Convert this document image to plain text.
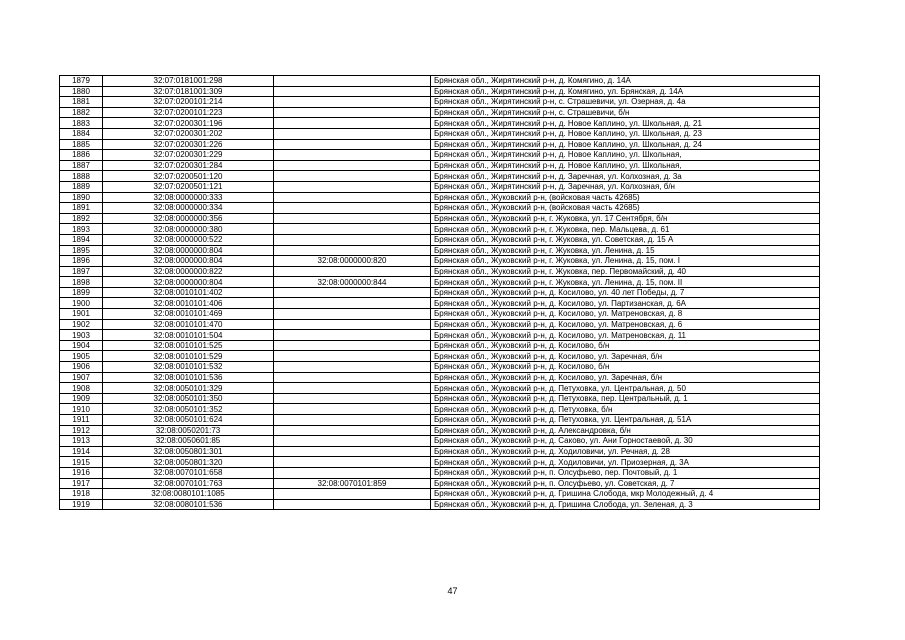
1879	32:07:0181001:298		Брянская обл., Жирятинский р-н, д. Комягино, д. 14А
1880	32:07:0181001:309		Брянская обл., Жирятинский р-н, д. Комягино, ул. Брянская, д. 14А
1881	32:07:0200101:214		Брянская обл., Жирятинский р-н, с. Страшевичи, ул. Озерная, д. 4а
1882	32:07:0200101:223		Брянская обл., Жирятинский р-н, с. Страшевичи, б/н
1883	32:07:0200301:196		Брянская обл., Жирятинский р-н, д. Новое Каплино, ул. Школьная, д. 21
1884	32:07:0200301:202		Брянская обл., Жирятинский р-н, д. Новое Каплино, ул. Школьная, д. 23
1885	32:07:0200301:226		Брянская обл., Жирятинский р-н, д. Новое Каплино, ул. Школьная, д. 24
1886	32:07:0200301:229		Брянская обл., Жирятинский р-н, д. Новое Каплино, ул. Школьная,
1887	32:07:0200301:284		Брянская обл., Жирятинский р-н, д. Новое Каплино, ул. Школьная,
1888	32:07:0200501:120		Брянская обл., Жирятинский р-н, д. Заречная, ул. Колхозная, д. 3а
1889	32:07:0200501:121		Брянская обл., Жирятинский р-н, д. Заречная, ул. Колхозная, б/н
1890	32:08:0000000:333		Брянская обл., Жуковский р-н, (войсковая часть 42685)
1891	32:08:0000000:334		Брянская обл., Жуковский р-н, (войсковая часть 42685)
1892	32:08:0000000:356		Брянская обл., Жуковский р-н, г. Жуковка, ул. 17 Сентября, б/н
1893	32:08:0000000:380		Брянская обл., Жуковский р-н, г. Жуковка, пер. Мальцева, д. 61
1894	32:08:0000000:522		Брянская обл., Жуковский р-н, г. Жуковка, ул. Советская, д. 15 А
1895	32:08:0000000:804		Брянская обл., Жуковский р-н, г. Жуковка, ул. Ленина, д. 15
1896	32:08:0000000:804	32:08:0000000:820	Брянская обл., Жуковский р-н, г. Жуковка, ул. Ленина, д. 15, пом. I
1897	32:08:0000000:822		Брянская обл., Жуковский р-н, г. Жуковка, пер. Первомайский, д. 40
1898	32:08:0000000:804	32:08:0000000:844	Брянская обл., Жуковский р-н, г. Жуковка, ул. Ленина, д. 15, пом. II
1899	32:08:0010101:402		Брянская обл., Жуковский р-н, д. Косилово, ул. 40 лет Победы, д. 7
1900	32:08:0010101:406		Брянская обл., Жуковский р-н, д. Косилово, ул. Партизанская, д. 6А
1901	32:08:0010101:469		Брянская обл., Жуковский р-н, д. Косилово, ул. Матреновская, д. 8
1902	32:08:0010101:470		Брянская обл., Жуковский р-н, д. Косилово, ул. Матреновская, д. 6
1903	32:08:0010101:504		Брянская обл., Жуковский р-н, д. Косилово, ул. Матреновская, д. 11
1904	32:08:0010101:525		Брянская обл., Жуковский р-н, д. Косилово, б/н
1905	32:08:0010101:529		Брянская обл., Жуковский р-н, д. Косилово, ул. Заречная, б/н
1906	32:08:0010101:532		Брянская обл., Жуковский р-н, д. Косилово, б/н
1907	32:08:0010101:536		Брянская обл., Жуковский р-н, д. Косилово, ул. Заречная, б/н
1908	32:08:0050101:329		Брянская обл., Жуковский р-н, д. Петуховка, ул. Центральная, д. 50
1909	32:08:0050101:350		Брянская обл., Жуковский р-н, д. Петуховка, пер. Центральный, д. 1
1910	32:08:0050101:352		Брянская обл., Жуковский р-н, д. Петуховка, б/н
1911	32:08:0050101:624		Брянская обл., Жуковский р-н, д. Петуховка, ул. Центральная, д. 51А
1912	32:08:0050201:73		Брянская обл., Жуковский р-н, д. Александровка, б/н
1913	32:08:0050601:85		Брянская обл., Жуковский р-н, д. Саково, ул. Ани Горностаевой, д. 30
1914	32:08:0050801:301		Брянская обл., Жуковский р-н, д. Ходиловичи, ул. Речная, д. 28
1915	32:08:0050801:320		Брянская обл., Жуковский р-н, д. Ходиловичи, ул. Приозерная, д. 3А
1916	32:08:0070101:658		Брянская обл., Жуковский р-н, п. Олсуфьево, пер. Почтовый, д. 1
1917	32:08:0070101:763	32:08:0070101:859	Брянская обл., Жуковский р-н, п. Олсуфьево, ул. Советская, д. 7
1918	32:08:0080101:1085		Брянская обл., Жуковский р-н, д. Гришина Слобода, мкр Молодежный, д. 4
1919	32:08:0080101:536		Брянская обл., Жуковский р-н, д. Гришина Слобода, ул. Зеленая, д. 3
47
